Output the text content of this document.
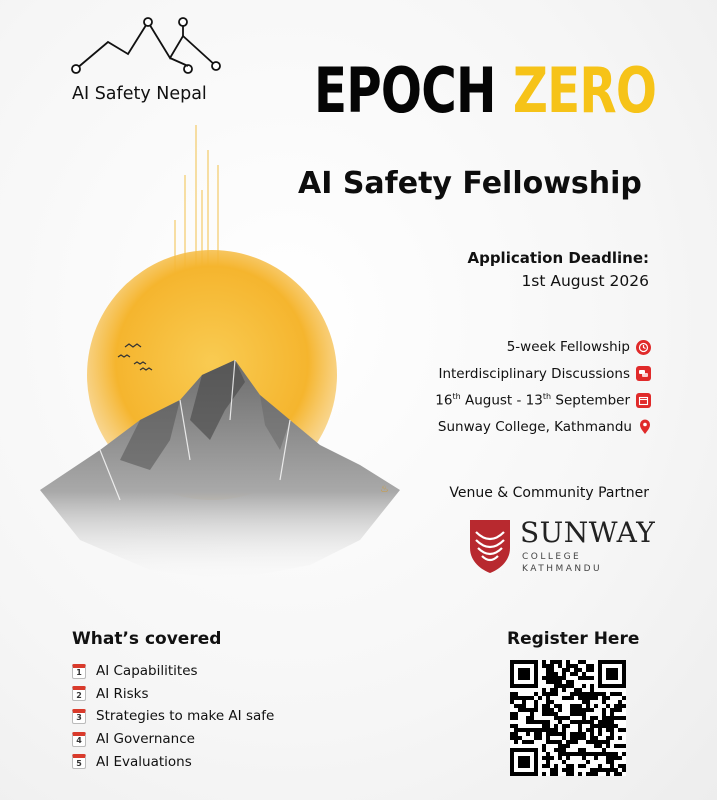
AI Safety Nepal EPOCH ZERO
AI Safety Fellowship
♨
Application Deadline:
1st August 2026
5-week Fellowship
Interdisciplinary Discussions
16th August - 13th September
Sunway College, Kathmandu
Venue & Community Partner
SUNWAY
COLLEGE
KATHMANDU
What’s covered
1	AI Capabilitites
2	AI Risks
3	Strategies to make AI safe
4	AI Governance
5	AI Evaluations
Register Here
